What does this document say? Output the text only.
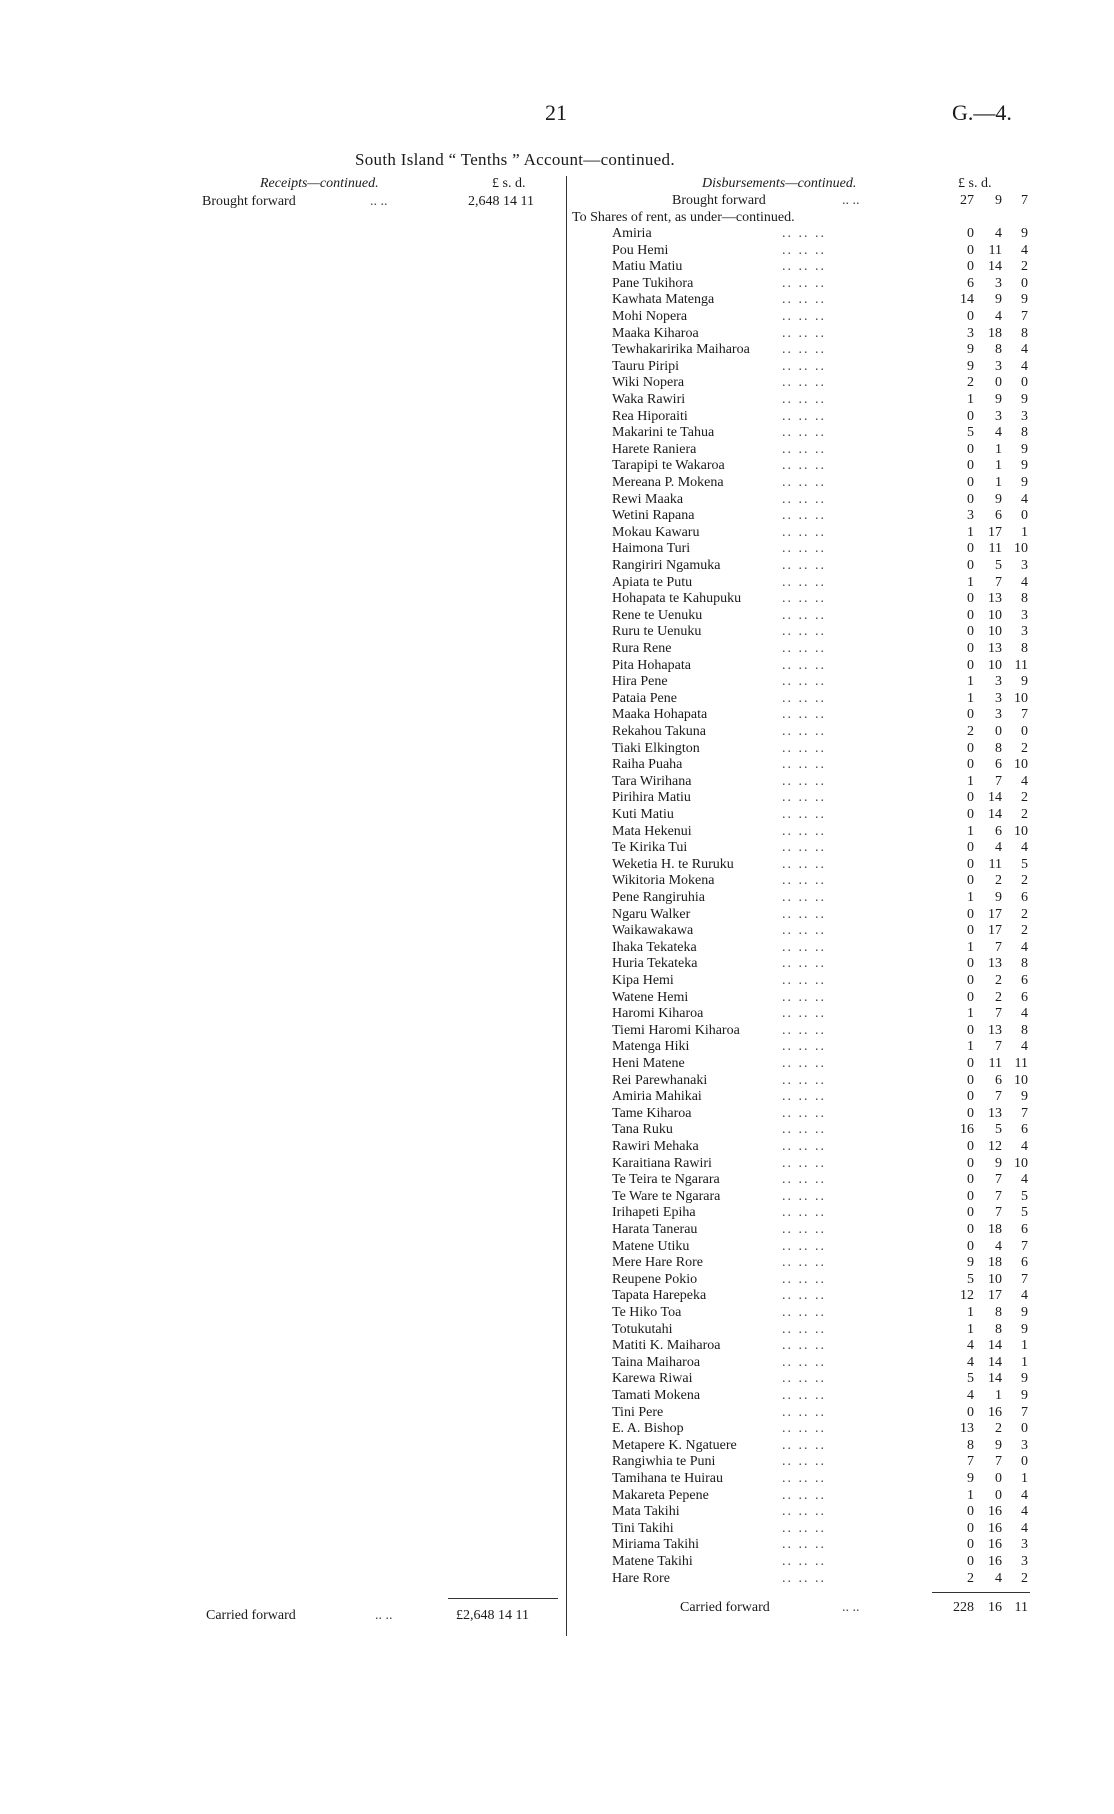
21	G.—4.
South Island “ Tenths ” Account—continued.
Receipts—continued.	£ s. d.
Brought forward	.. ..	2,648 14 11
Carried forward	.. ..	£2,648 14 11
Disbursements—continued.	£ s. d.
Brought forward	.. ..	27	9	7
To Shares of rent, as under—continued.
Amiria	.. .. ..	0	4	9
Pou Hemi	.. .. ..	0	11	4
Matiu Matiu	.. .. ..	0	14	2
Pane Tukihora	.. .. ..	6	3	0
Kawhata Matenga	.. .. ..	14	9	9
Mohi Nopera	.. .. ..	0	4	7
Maaka Kiharoa	.. .. ..	3	18	8
Tewhakaririka Maiharoa .. .. ..	9	8	4
Tauru Piripi	.. .. ..	9	3	4
Wiki Nopera	.. .. ..	2	0	0
Waka Rawiri	.. .. ..	1	9	9
Rea Hiporaiti	.. .. ..	0	3	3
Makarini te Tahua	.. .. ..	5	4	8
Harete Raniera	.. .. ..	0	1	9
Tarapipi te Wakaroa	.. .. ..	0	1	9
Mereana P. Mokena	.. .. ..	0	1	9
Rewi Maaka	.. .. ..	0	9	4
Wetini Rapana	.. .. ..	3	6	0
Mokau Kawaru	.. .. ..	1	17	1
Haimona Turi	.. .. ..	0	11 10
Rangiriri Ngamuka	.. .. ..	0	5	3
Apiata te Putu	.. .. ..	1	7	4
Hohapata te Kahupuku	.. .. ..	0	13	8
Rene te Uenuku	.. .. ..	0	10	3
Ruru te Uenuku	.. .. ..	0	10	3
Rura Rene	.. .. ..	0	13	8
Pita Hohapata	.. .. ..	0	10 11
Hira Pene	.. .. ..	1	3	9
Pataia Pene	.. .. ..	1	3 10
Maaka Hohapata	.. .. ..	0	3	7
Rekahou Takuna	.. .. ..	2	0	0
Tiaki Elkington	.. .. ..	0	8	2
Raiha Puaha	.. .. ..	0	6 10
Tara Wirihana	.. .. ..	1	7	4
Pirihira Matiu	.. .. ..	0	14	2
Kuti Matiu	.. .. ..	0	14	2
Mata Hekenui	.. .. ..	1	6 10
Te Kirika Tui	.. .. ..	0	4	4
Weketia H. te Ruruku	.. .. ..	0	11	5
Wikitoria Mokena	.. .. ..	0	2	2
Pene Rangiruhia	.. .. ..	1	9	6
Ngaru Walker	.. .. ..	0	17	2
Waikawakawa	.. .. ..	0	17	2
Ihaka Tekateka	.. .. ..	1	7	4
Huria Tekateka	.. .. ..	0	13	8
Kipa Hemi	.. .. ..	0	2	6
Watene Hemi	.. .. ..	0	2	6
Haromi Kiharoa	.. .. ..	1	7	4
Tiemi Haromi Kiharoa	.. .. ..	0	13	8
Matenga Hiki	.. .. ..	1	7	4
Heni Matene	.. .. ..	0	11 11
Rei Parewhanaki	.. .. ..	0	6 10
Amiria Mahikai	.. .. ..	0	7	9
Tame Kiharoa	.. .. ..	0	13	7
Tana Ruku	.. .. ..	16	5	6
Rawiri Mehaka	.. .. ..	0	12	4
Karaitiana Rawiri	.. .. ..	0	9 10
Te Teira te Ngarara	.. .. ..	0	7	4
Te Ware te Ngarara	.. .. ..	0	7	5
Irihapeti Epiha	.. .. ..	0	7	5
Harata Tanerau	.. .. ..	0	18	6
Matene Utiku	.. .. ..	0	4	7
Mere Hare Rore	.. .. ..	9	18	6
Reupene Pokio	.. .. ..	5	10	7
Tapata Harepeka	.. .. ..	12	17	4
Te Hiko Toa	.. .. ..	1	8	9
Totukutahi	.. .. ..	1	8	9
Matiti K. Maiharoa	.. .. ..	4	14	1
Taina Maiharoa	.. .. ..	4	14	1
Karewa Riwai	.. .. ..	5	14	9
Tamati Mokena	.. .. ..	4	1	9
Tini Pere	.. .. ..	0	16	7
E. A. Bishop	.. .. ..	13	2	0
Metapere K. Ngatuere	.. .. ..	8	9	3
Rangiwhia te Puni	.. .. ..	7	7	0
Tamihana te Huirau	.. .. ..	9	0	1
Makareta Pepene	.. .. ..	1	0	4
Mata Takihi	.. .. ..	0	16	4
Tini Takihi	.. .. ..	0	16	4
Miriama Takihi	.. .. ..	0	16	3
Matene Takihi	.. .. ..	0	16	3
Hare Rore	.. .. ..	2	4	2
Carried forward	.. ..	228	16 11
